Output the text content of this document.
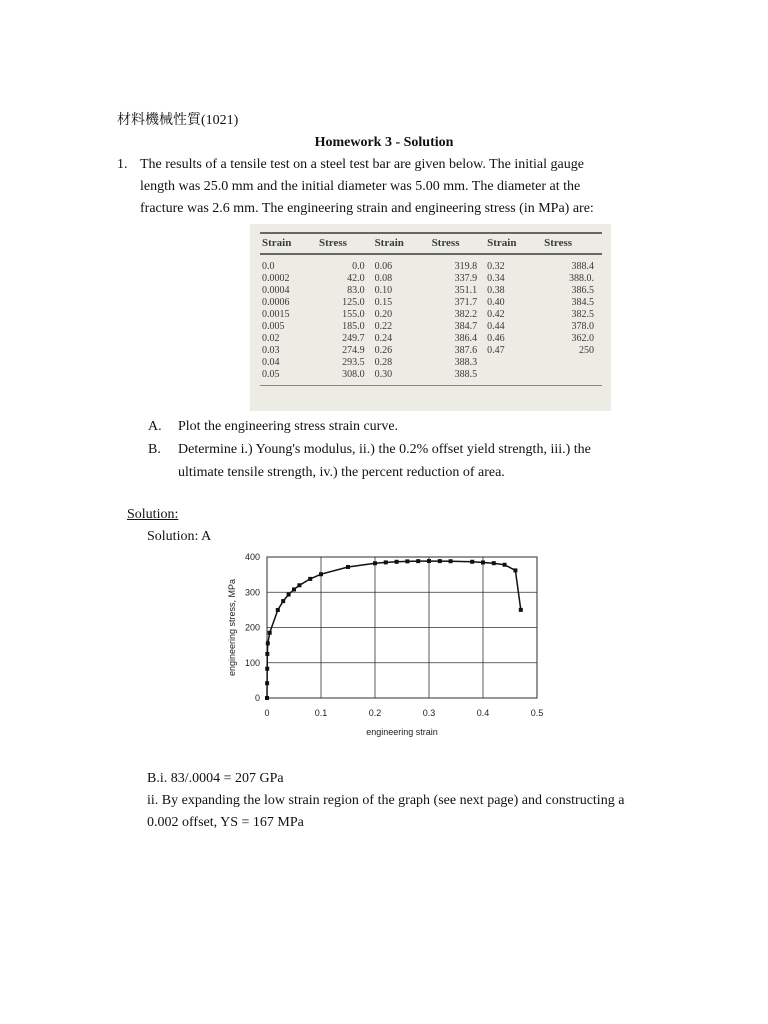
材料機械性質(1021)
Homework 3 - Solution
1. The results of a tensile test on a steel test bar are given below. The initial gauge
length was 25.0 mm and the initial diameter was 5.00 mm. The diameter at the
fracture was 2.6 mm. The engineering strain and engineering stress (in MPa) are:
Strain	Stress	Strain	Stress	Strain	Stress
0.0	0.0	0.06	319.8	0.32	388.4
0.0002	42.0	0.08	337.9	0.34	388.0.
0.0004	83.0	0.10	351.1	0.38	386.5
0.0006	125.0	0.15	371.7	0.40	384.5
0.0015	155.0	0.20	382.2	0.42	382.5
0.005	185.0	0.22	384.7	0.44	378.0
0.02	249.7	0.24	386.4	0.46	362.0
0.03	274.9	0.26	387.6	0.47	250
0.04	293.5	0.28	388.3		
0.05	308.0	0.30	388.5		
A. Plot the engineering stress strain curve.
B. Determine i.) Young's modulus, ii.) the 0.2% offset yield strength, iii.) the
ultimate tensile strength, iv.) the percent reduction of area.
Solution:
Solution: A
0	0.1	0.2	0.3	0.4	0.5
0
100
200
300
400
engineering strain
engineering stress, MPa
B.i. 83/.0004 = 207 GPa
ii. By expanding the low strain region of the graph (see next page) and constructing a
0.002 offset, YS = 167 MPa
